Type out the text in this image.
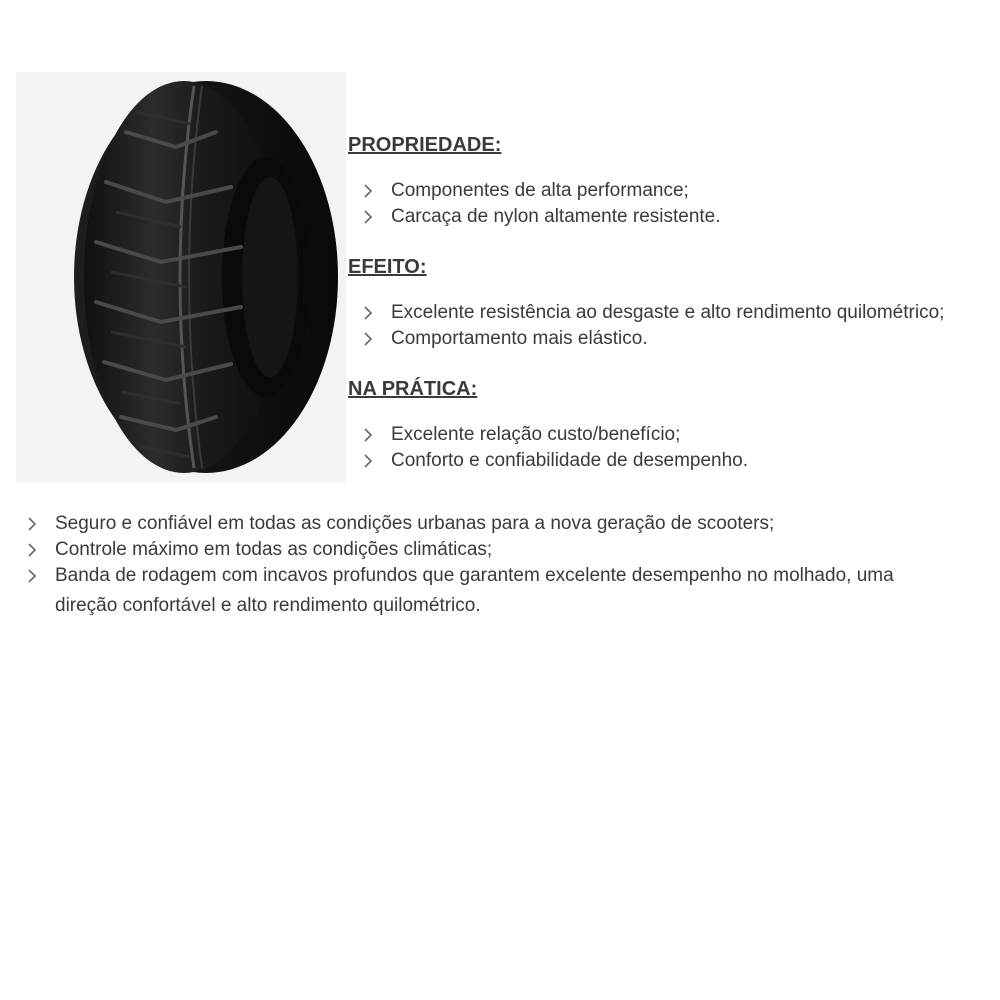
PROPRIEDADE:
Componentes de alta performance;
Carcaça de nylon altamente resistente.
EFEITO:
Excelente resistência ao desgaste e alto rendimento quilométrico;
Comportamento mais elástico.
NA PRÁTICA:
Excelente relação custo/benefício;
Conforto e confiabilidade de desempenho.
Seguro e confiável em todas as condições urbanas para a nova geração de scooters;
Controle máximo em todas as condições climáticas;
Banda de rodagem com incavos profundos que garantem excelente desempenho no molhado, uma direção confortável e alto rendimento quilométrico.
